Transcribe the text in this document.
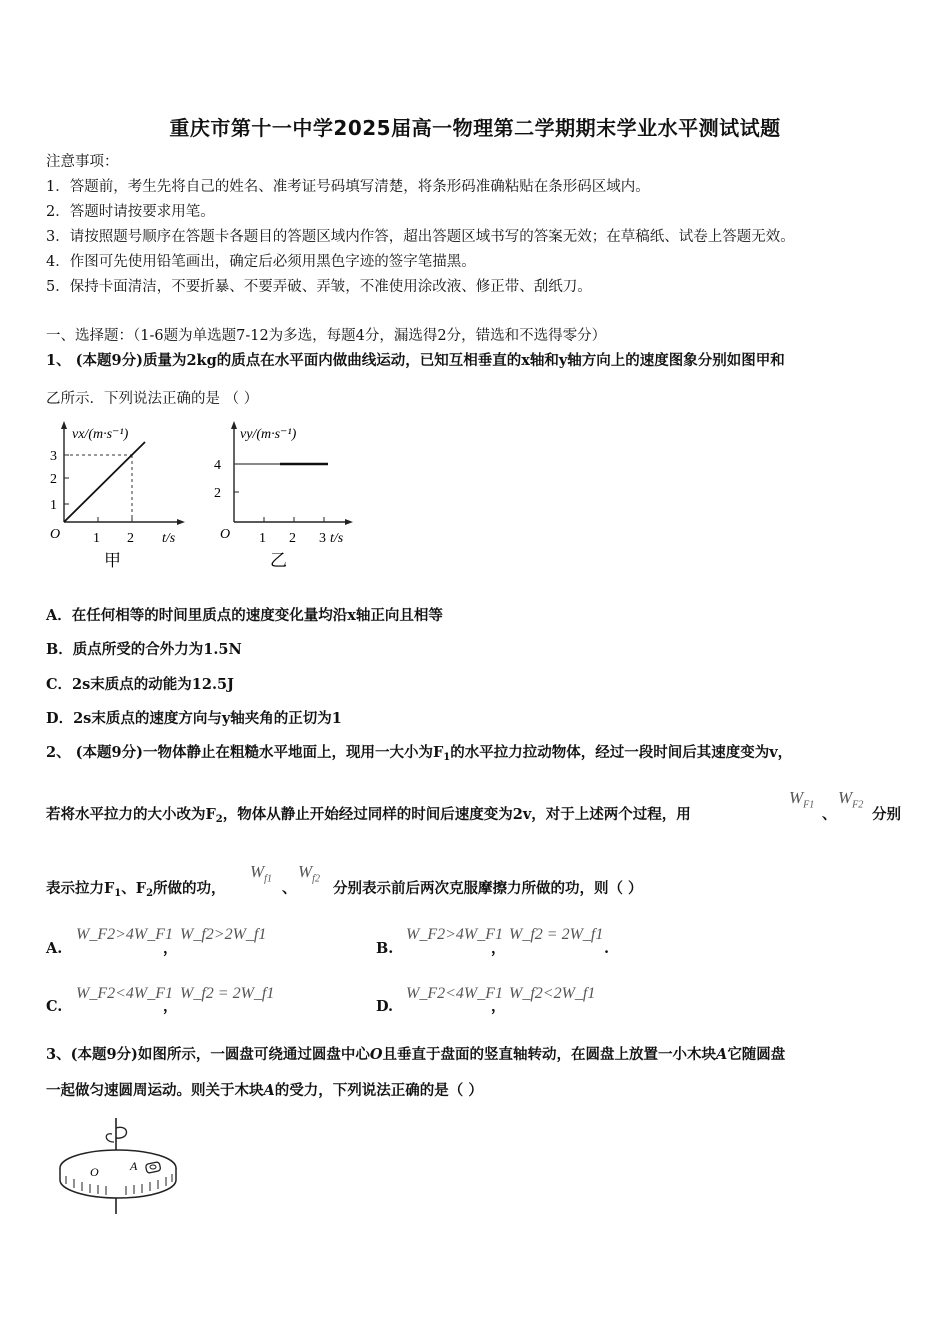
重庆市第十一中学2025届高一物理第二学期期末学业水平测试试题
注意事项：
1．答题前，考生先将自己的姓名、准考证号码填写清楚，将条形码准确粘贴在条形码区域内。
2．答题时请按要求用笔。
3．请按照题号顺序在答题卡各题目的答题区域内作答，超出答题区域书写的答案无效；在草稿纸、试卷上答题无效。
4．作图可先使用铅笔画出，确定后必须用黑色字迹的签字笔描黑。
5．保持卡面清洁，不要折暴、不要弄破、弄皱，不准使用涂改液、修正带、刮纸刀。
一、选择题：（1-6题为单选题7-12为多选，每题4分，漏选得2分，错选和不选得零分）
1、 (本题9分)质量为2kg的质点在水平面内做曲线运动，已知互相垂直的x轴和y轴方向上的速度图象分别如图甲和
乙所示．下列说法正确的是 （ ）
vx/(m·s⁻¹)
3
2
1
O 1 2 t/s
甲
vy/(m·s⁻¹)
4
2
O 1 2 3 t/s
乙
A．在任何相等的时间里质点的速度变化量均沿x轴正向且相等
B．质点所受的合外力为1.5N
C．2s末质点的动能为12.5J
D．2s末质点的速度方向与y轴夹角的正切为1
2、 (本题9分)一物体静止在粗糙水平地面上，现用一大小为$F_1$的水平拉力拉动物体，经过一段时间后其速度变为v，
若将水平拉力的大小改为$F_2$，物体从静止开始经过同样的时间后速度变为2v，对于上述两个过程，用
$W_{F1}$
、
$W_{F2}$
分别
表示拉力$F_1$、$F_2$所做的功，
$W_{f1}$
、
$W_{f2}$
分别表示前后两次克服摩擦力所做的功，则（ ）
A.
W_F2>4W_F1
，
W_f2>2W_f1
B.
W_F2>4W_F1
，
W_f2 = 2W_f1
.
C.
W_F2<4W_F1
，
W_f2 = 2W_f1
D.
W_F2<4W_F1
，
W_f2<2W_f1
3、(本题9分)如图所示，一圆盘可绕通过圆盘中心O且垂直于盘面的竖直轴转动，在圆盘上放置一小木块A它随圆盘
一起做匀速圆周运动。则关于木块A的受力，下列说法正确的是（ ）
O	A
